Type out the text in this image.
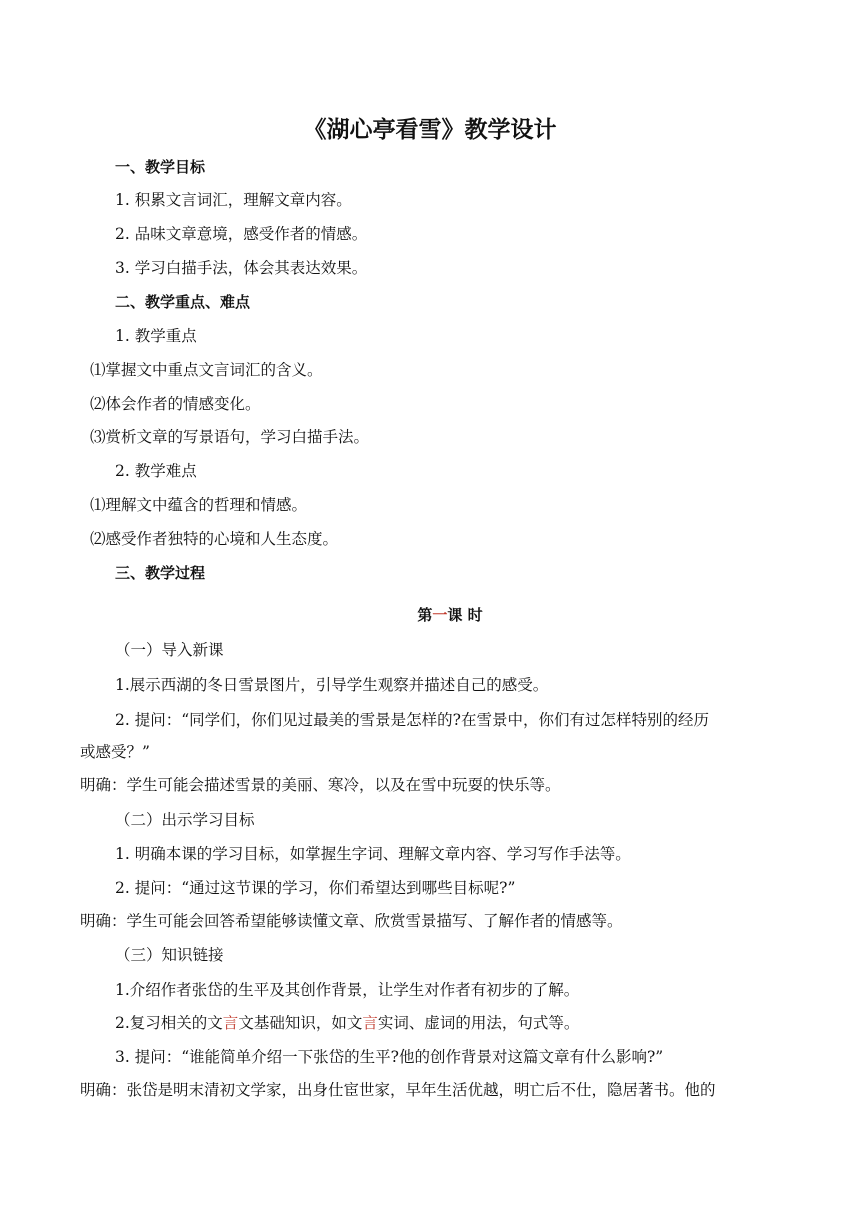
《湖心亭看雪》教学设计
一、教学目标
1. 积累文言词汇，理解文章内容。
2. 品味文章意境，感受作者的情感。
3. 学习白描手法，体会其表达效果。
二、教学重点、难点
1. 教学重点
⑴掌握文中重点文言词汇的含义。
⑵体会作者的情感变化。
⑶赏析文章的写景语句，学习白描手法。
2. 教学难点
⑴理解文中蕴含的哲理和情感。
⑵感受作者独特的心境和人生态度。
三、教学过程
第一课 时
（一）导入新课
1.展示西湖的冬日雪景图片，引导学生观察并描述自己的感受。
2. 提问：“同学们，你们见过最美的雪景是怎样的?在雪景中，你们有过怎样特别的经历
或感受？”
明确：学生可能会描述雪景的美丽、寒冷，以及在雪中玩耍的快乐等。
（二）出示学习目标
1. 明确本课的学习目标，如掌握生字词、理解文章内容、学习写作手法等。
2. 提问：“通过这节课的学习，你们希望达到哪些目标呢?”
明确：学生可能会回答希望能够读懂文章、欣赏雪景描写、了解作者的情感等。
（三）知识链接
1.介绍作者张岱的生平及其创作背景，让学生对作者有初步的了解。
2.复习相关的文言文基础知识，如文言实词、虚词的用法，句式等。
3. 提问：“谁能简单介绍一下张岱的生平?他的创作背景对这篇文章有什么影响?”
明确：张岱是明末清初文学家，出身仕宦世家，早年生活优越，明亡后不仕，隐居著书。他的
